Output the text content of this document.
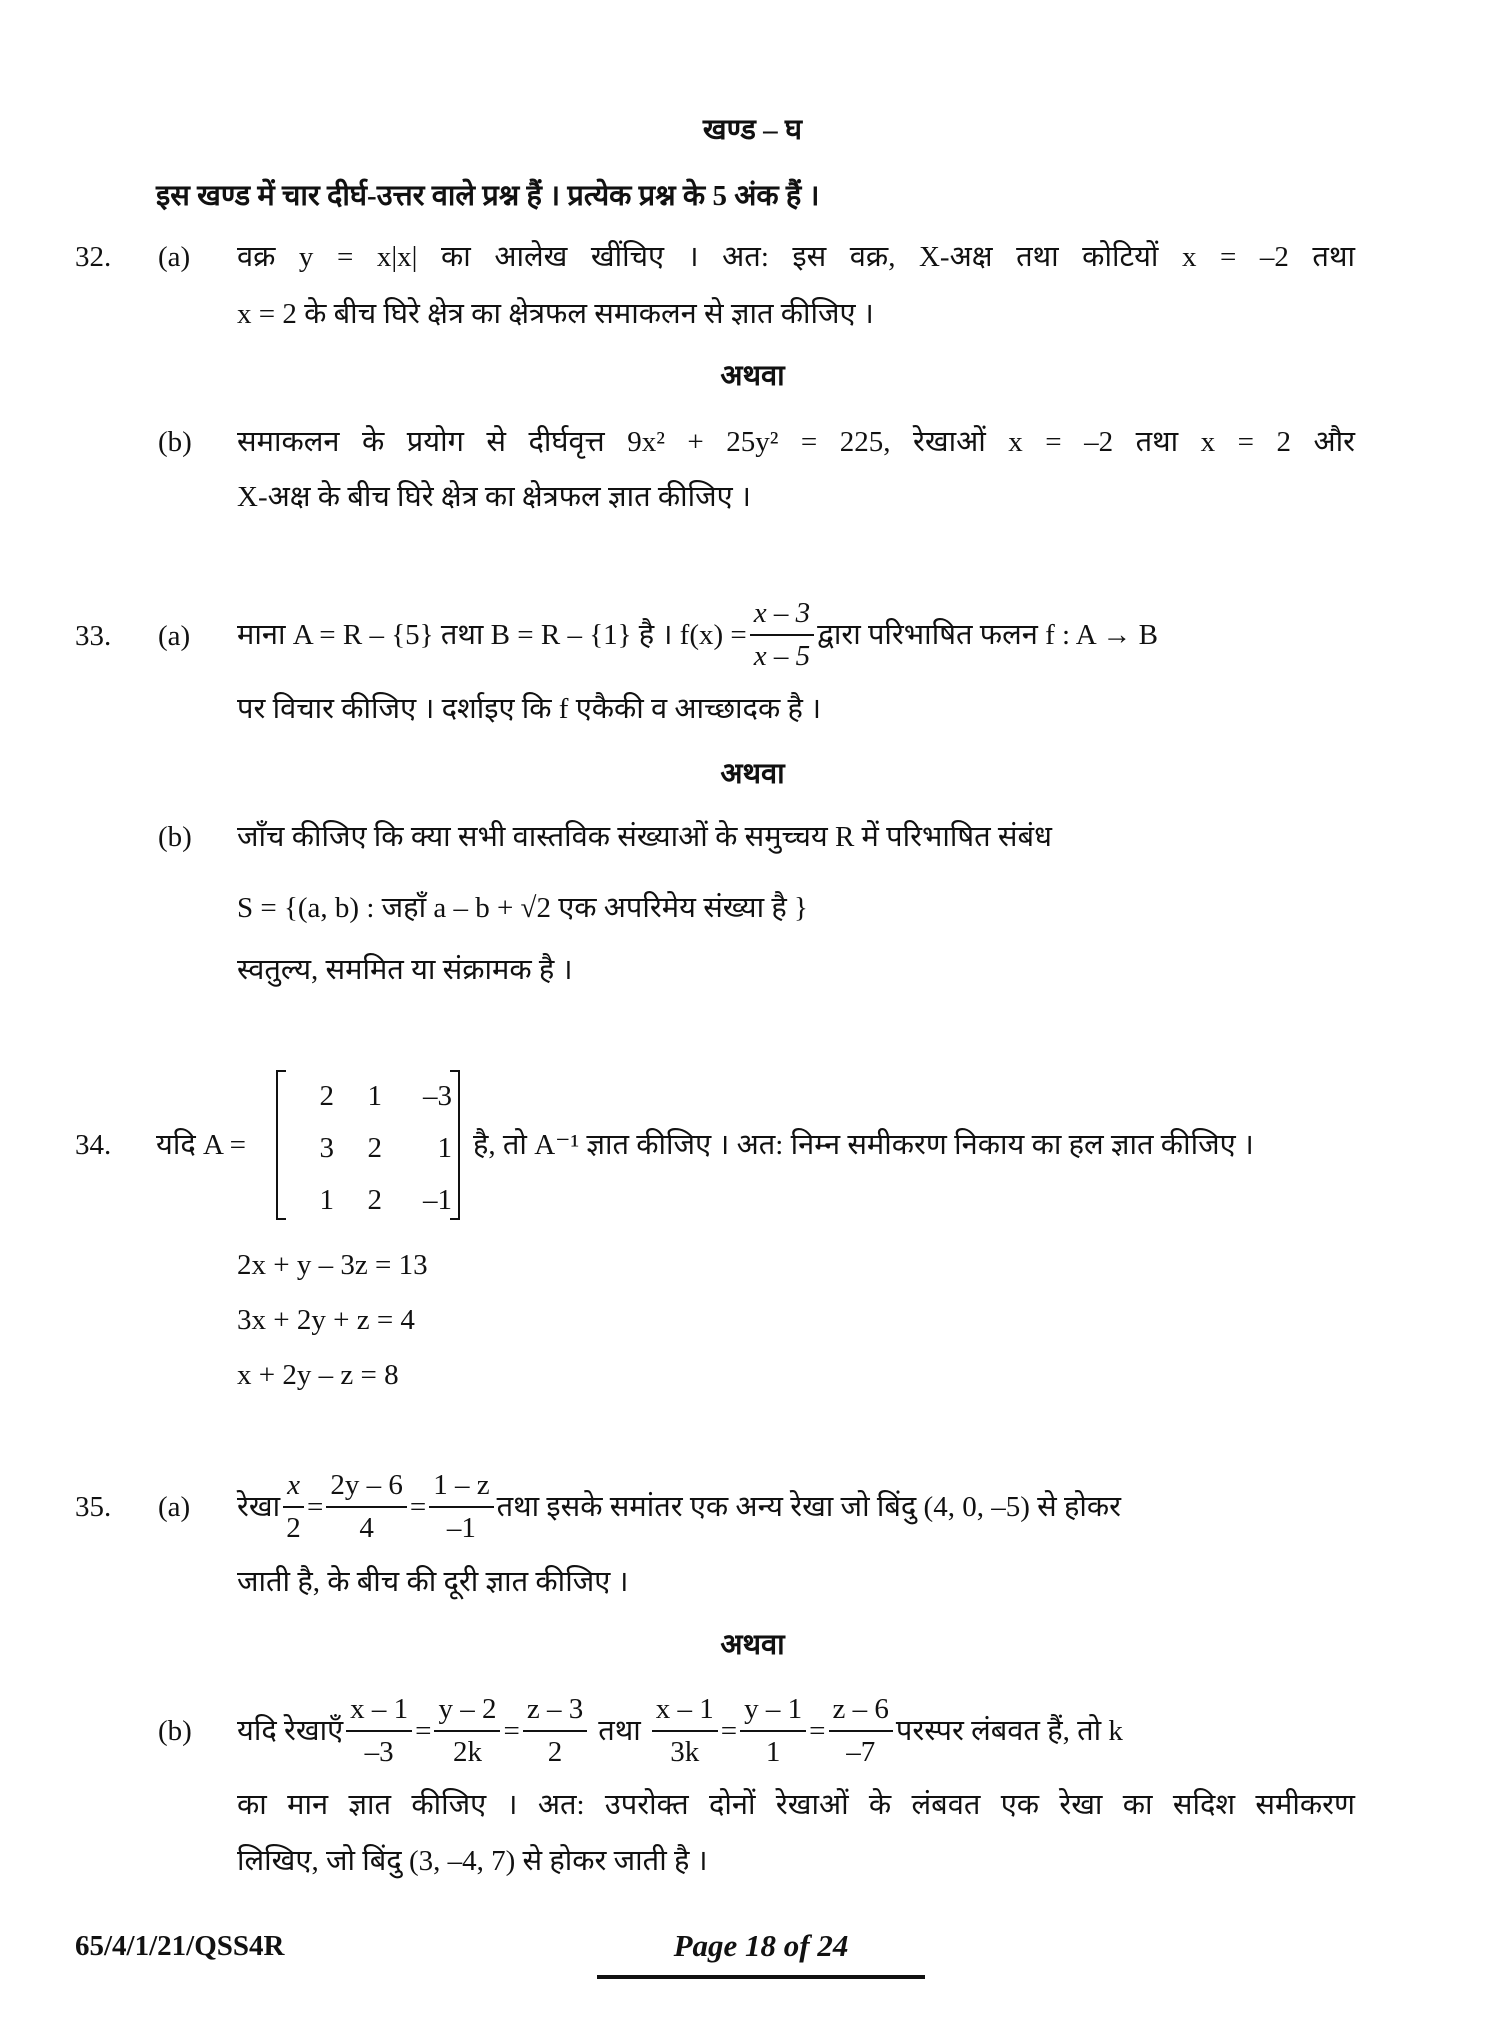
खण्ड – घ
इस खण्ड में चार दीर्घ-उत्तर वाले प्रश्न हैं । प्रत्येक प्रश्न के 5 अंक हैं ।
32. (a) वक्र y = x|x| का आलेख खींचिए । अत: इस वक्र, X-अक्ष तथा कोटियों x = –2 तथा
x = 2 के बीच घिरे क्षेत्र का क्षेत्रफल समाकलन से ज्ञात कीजिए ।
अथवा
(b) समाकलन के प्रयोग से दीर्घवृत्त 9x² + 25y² = 225, रेखाओं x = –2 तथा x = 2 और
X-अक्ष के बीच घिरे क्षेत्र का क्षेत्रफल ज्ञात कीजिए ।
33. (a) माना A = R – {5} तथा B = R – {1} है । $f(x) = \frac{x - 3}{x - 5}$ द्वारा परिभाषित फलन f : A → B
पर विचार कीजिए । दर्शाइए कि f एकैकी व आच्छादक है ।
अथवा
(b) जाँच कीजिए कि क्या सभी वास्तविक संख्याओं के समुच्चय R में परिभाषित संबंध
S = {(a, b) : जहाँ a – b + √2 एक अपरिमेय संख्या है }
स्वतुल्य, सममित या संक्रामक है ।
34. यदि A =
2	1	–3
3	2	1
1	2	–1
है, तो A⁻¹ ज्ञात कीजिए । अत: निम्न समीकरण निकाय का हल ज्ञात कीजिए ।
2x + y – 3z = 13
3x + 2y + z = 4
x + 2y – z = 8
35. (a) रेखा $\frac{x}{2} = \frac{2y - 6}{4} = \frac{1 - z}{-1}$ तथा इसके समांतर एक अन्य रेखा जो बिंदु (4, 0, –5) से होकर
जाती है, के बीच की दूरी ज्ञात कीजिए ।
अथवा
(b) यदि रेखाएँ $\frac{x - 1}{-3} = \frac{y - 2}{2k} = \frac{z - 3}{2}$ तथा $\frac{x - 1}{3k} = \frac{y - 1}{1} = \frac{z - 6}{-7}$ परस्पर लंबवत हैं, तो k
का मान ज्ञात कीजिए । अत: उपरोक्त दोनों रेखाओं के लंबवत एक रेखा का सदिश समीकरण
लिखिए, जो बिंदु (3, –4, 7) से होकर जाती है ।
65/4/1/21/QSS4R	Page 18 of 24
